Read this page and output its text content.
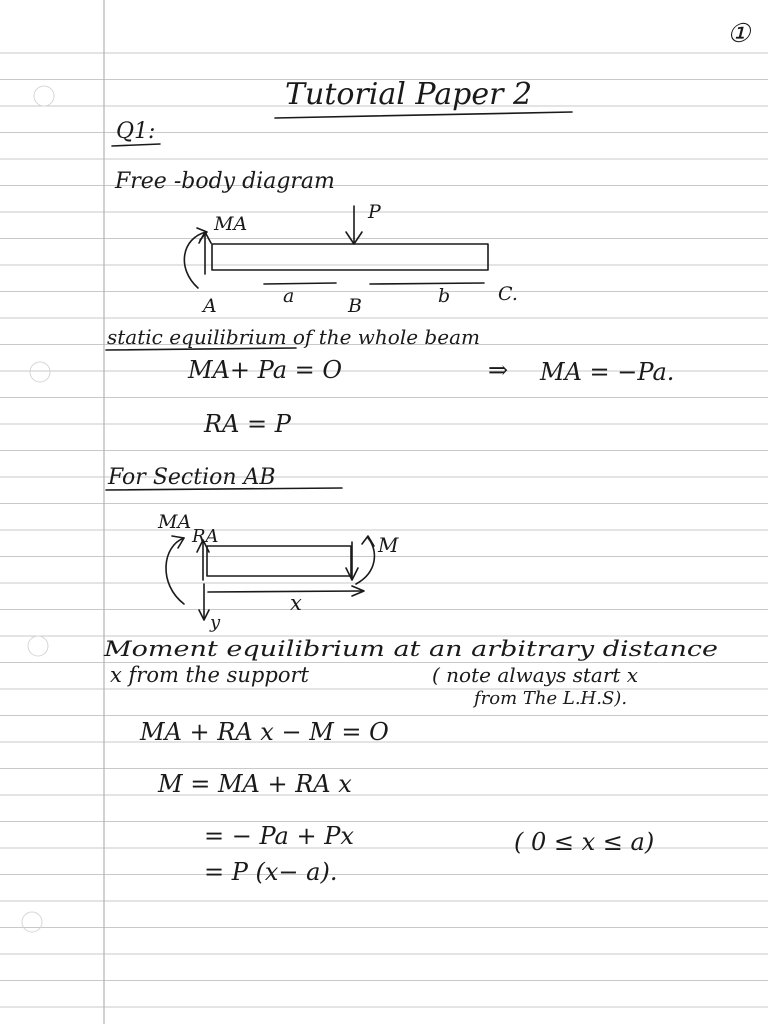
①
Tutorial Paper 2
Q1:
Free -body diagram
MA
P
A	a	B	b	C.
static equilibrium of the whole beam
MA+ Pa = O	⇒ MA = −Pa.
RA = P
For Section AB
MA
RA	M
x
y
Moment equilibrium at an arbitrary distance
x from the support	( note always start x
from The L.H.S).
MA + RA x − M = O
M = MA + RA x
= − Pa + Px	( 0 ≤ x ≤ a)
= P (x− a).
